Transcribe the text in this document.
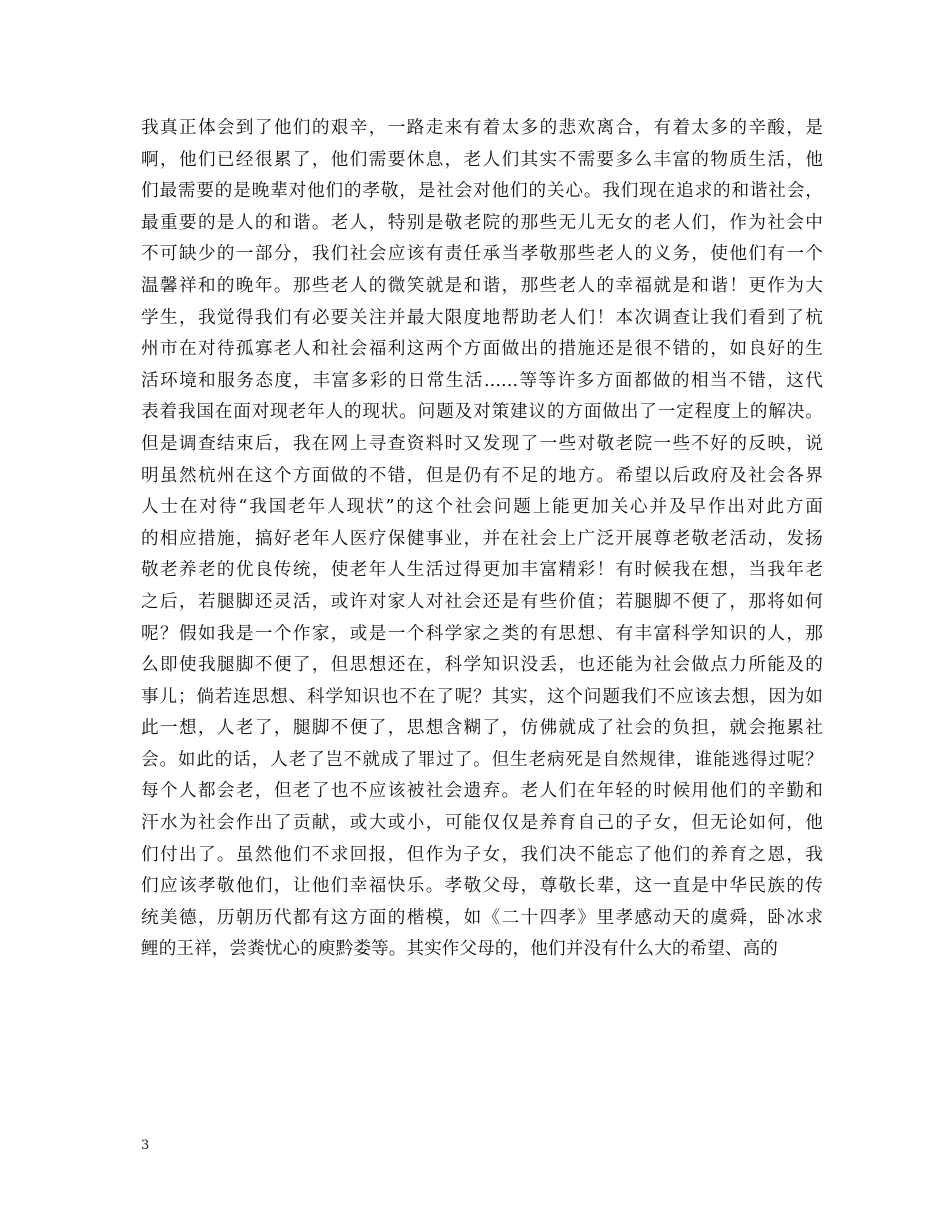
我真正体会到了他们的艰辛，一路走来有着太多的悲欢离合，有着太多的辛酸，是
啊，他们已经很累了，他们需要休息，老人们其实不需要多么丰富的物质生活，他
们最需要的是晚辈对他们的孝敬，是社会对他们的关心。我们现在追求的和谐社会，
最重要的是人的和谐。老人，特别是敬老院的那些无儿无女的老人们，作为社会中
不可缺少的一部分，我们社会应该有责任承当孝敬那些老人的义务，使他们有一个
温馨祥和的晚年。那些老人的微笑就是和谐，那些老人的幸福就是和谐！更作为大
学生，我觉得我们有必要关注并最大限度地帮助老人们！本次调查让我们看到了杭
州市在对待孤寡老人和社会福利这两个方面做出的措施还是很不错的，如良好的生
活环境和服务态度，丰富多彩的日常生活......等等许多方面都做的相当不错，这代
表着我国在面对现老年人的现状。问题及对策建议的方面做出了一定程度上的解决。
但是调查结束后，我在网上寻查资料时又发现了一些对敬老院一些不好的反映，说
明虽然杭州在这个方面做的不错，但是仍有不足的地方。希望以后政府及社会各界
人士在对待“我国老年人现状”的这个社会问题上能更加关心并及早作出对此方面
的相应措施，搞好老年人医疗保健事业，并在社会上广泛开展尊老敬老活动，发扬
敬老养老的优良传统，使老年人生活过得更加丰富精彩！有时候我在想，当我年老
之后，若腿脚还灵活，或许对家人对社会还是有些价值；若腿脚不便了，那将如何
呢？假如我是一个作家，或是一个科学家之类的有思想、有丰富科学知识的人，那
么即使我腿脚不便了，但思想还在，科学知识没丢，也还能为社会做点力所能及的
事儿；倘若连思想、科学知识也不在了呢？其实，这个问题我们不应该去想，因为如
此一想，人老了，腿脚不便了，思想含糊了，仿佛就成了社会的负担，就会拖累社
会。如此的话，人老了岂不就成了罪过了。但生老病死是自然规律，谁能逃得过呢？
每个人都会老，但老了也不应该被社会遗弃。老人们在年轻的时候用他们的辛勤和
汗水为社会作出了贡献，或大或小，可能仅仅是养育自己的子女，但无论如何，他
们付出了。虽然他们不求回报，但作为子女，我们决不能忘了他们的养育之恩，我
们应该孝敬他们，让他们幸福快乐。孝敬父母，尊敬长辈，这一直是中华民族的传
统美德，历朝历代都有这方面的楷模，如《二十四孝》里孝感动天的虞舜，卧冰求
鲤的王祥，尝粪忧心的庾黔娄等。其实作父母的，他们并没有什么大的希望、高的
3
